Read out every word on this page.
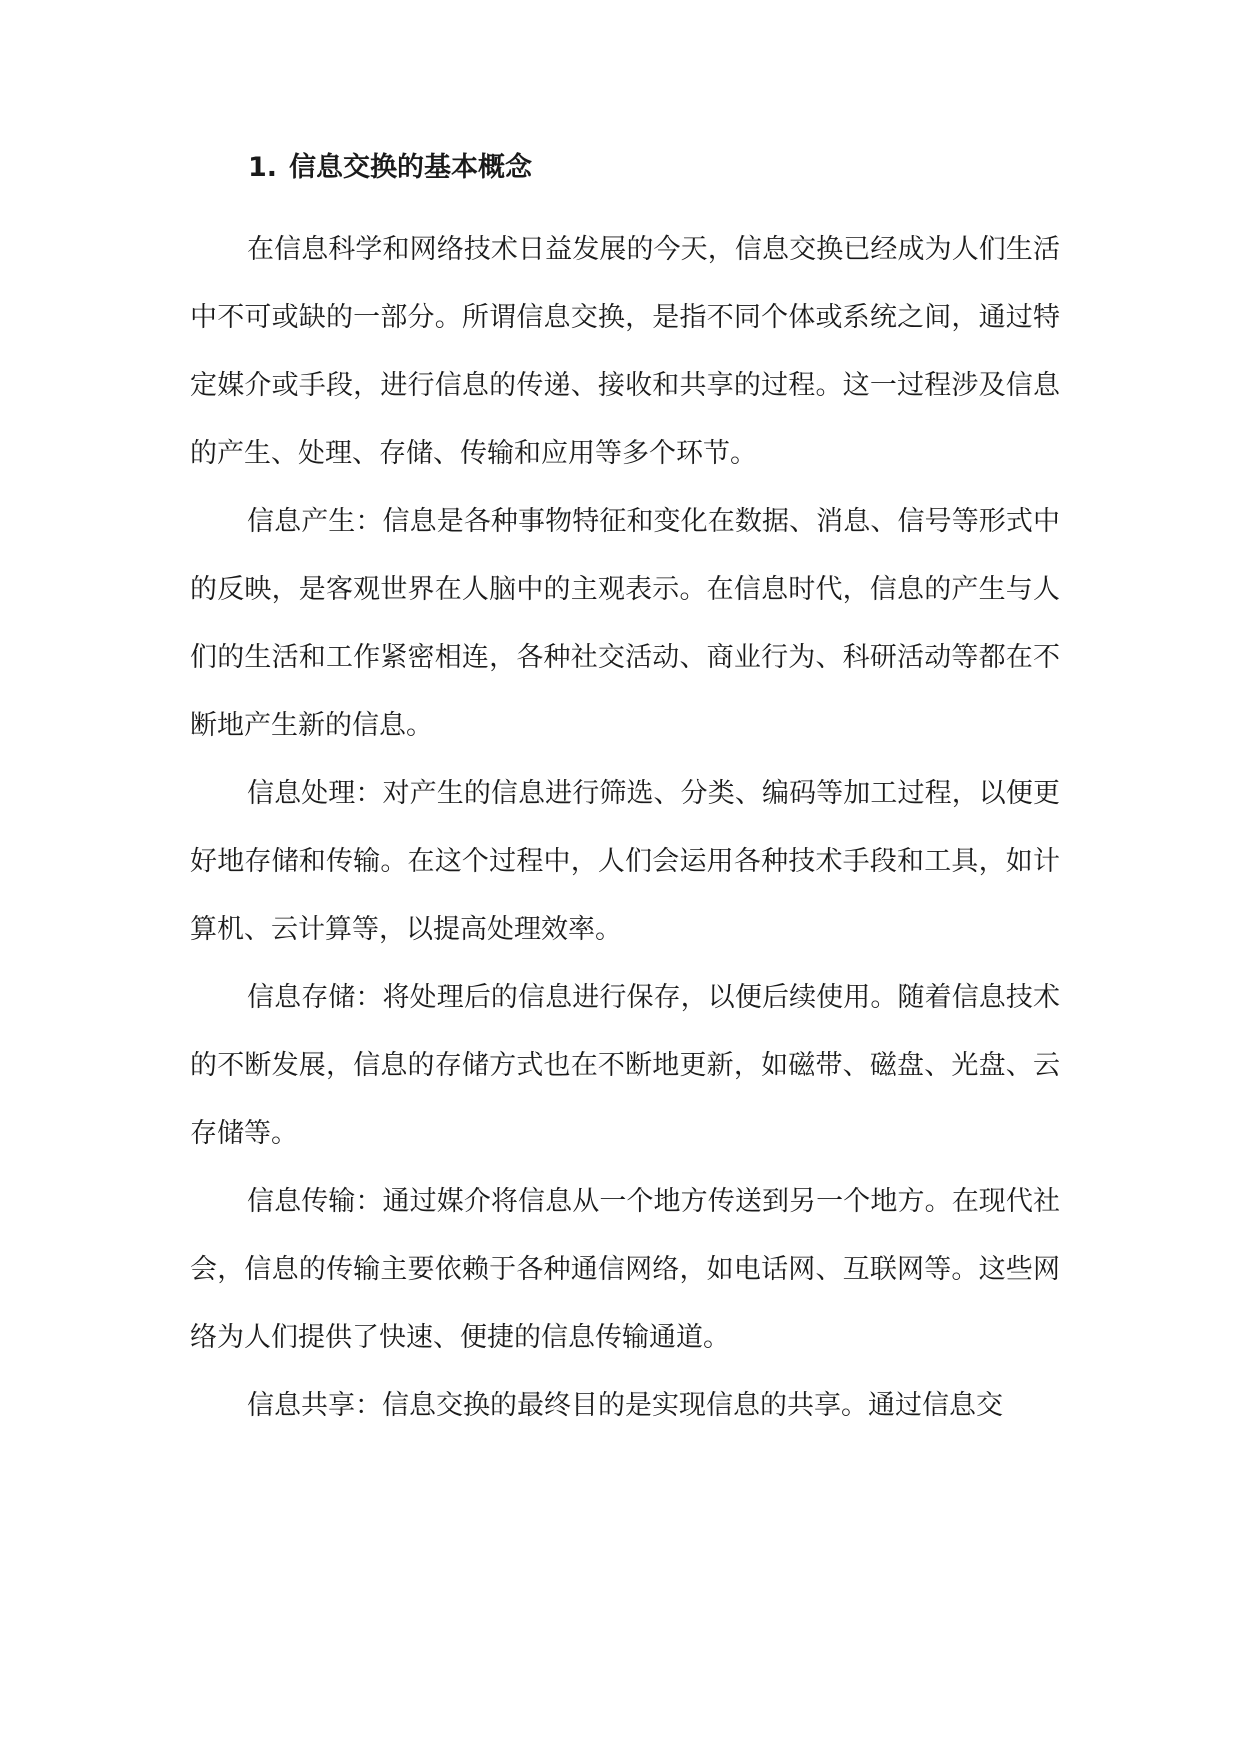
1. 信息交换的基本概念

在信息科学和网络技术日益发展的今天，信息交换已经成为人们生活中不可或缺的一部分。所谓信息交换，是指不同个体或系统之间，通过特定媒介或手段，进行信息的传递、接收和共享的过程。这一过程涉及信息的产生、处理、存储、传输和应用等多个环节。

信息产生：信息是各种事物特征和变化在数据、消息、信号等形式中的反映，是客观世界在人脑中的主观表示。在信息时代，信息的产生与人们的生活和工作紧密相连，各种社交活动、商业行为、科研活动等都在不断地产生新的信息。

信息处理：对产生的信息进行筛选、分类、编码等加工过程，以便更好地存储和传输。在这个过程中，人们会运用各种技术手段和工具，如计算机、云计算等，以提高处理效率。

信息存储：将处理后的信息进行保存，以便后续使用。随着信息技术的不断发展，信息的存储方式也在不断地更新，如磁带、磁盘、光盘、云存储等。

信息传输：通过媒介将信息从一个地方传送到另一个地方。在现代社会，信息的传输主要依赖于各种通信网络，如电话网、互联网等。这些网络为人们提供了快速、便捷的信息传输通道。

信息共享：信息交换的最终目的是实现信息的共享。通过信息交
